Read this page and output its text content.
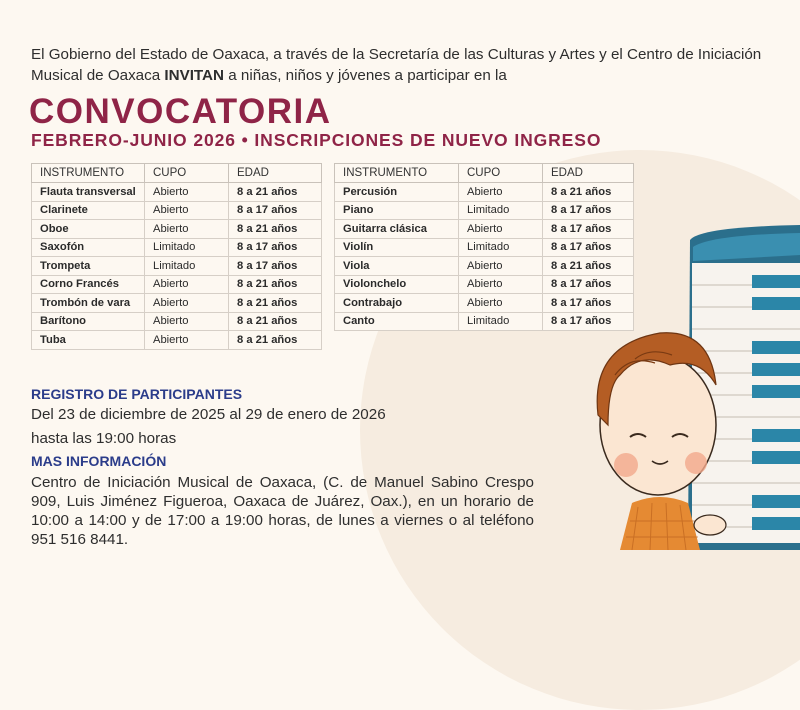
El Gobierno del Estado de Oaxaca, a través de la Secretaría de las Culturas y Artes y el Centro de Iniciación Musical de Oaxaca INVITAN a niñas, niños y jóvenes a participar en la
CONVOCATORIA
FEBRERO-JUNIO 2026 • INSCRIPCIONES DE NUEVO INGRESO
INSTRUMENTO	CUPO	EDAD
Flauta transversal	Abierto	8 a 21 años
Clarinete	Abierto	8 a 17 años
Oboe	Abierto	8 a 21 años
Saxofón	Limitado	8 a 17 años
Trompeta	Limitado	8 a 17 años
Corno Francés	Abierto	8 a 21 años
Trombón de vara	Abierto	8 a 21 años
Barítono	Abierto	8 a 21 años
Tuba	Abierto	8 a 21 años
INSTRUMENTO	CUPO	EDAD
Percusión	Abierto	8 a 21 años
Piano	Limitado	8 a 17 años
Guitarra clásica	Abierto	8 a 17 años
Violín	Limitado	8 a 17 años
Viola	Abierto	8 a 21 años
Violonchelo	Abierto	8 a 17 años
Contrabajo	Abierto	8 a 17 años
Canto	Limitado	8 a 17 años
REGISTRO DE PARTICIPANTES
Del 23 de diciembre de 2025 al 29 de enero de 2026
hasta las 19:00 horas
MAS INFORMACIÓN
Centro de Iniciación Musical de Oaxaca, (C. de Manuel Sabino Crespo 909, Luis Jiménez Figueroa, Oaxaca de Juárez, Oax.), en un horario de 10:00 a 14:00 y de 17:00 a 19:00 horas, de lunes a viernes o al teléfono 951 516 8441.
